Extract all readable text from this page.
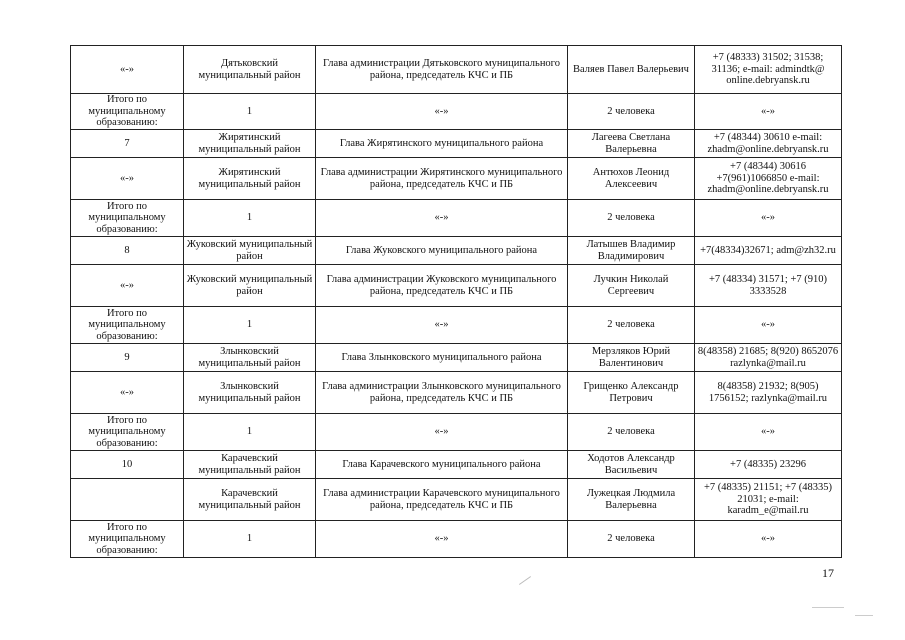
«-»	Дятьковский муниципальный район	Глава администрации Дятьковского муниципального района, председатель КЧС и ПБ	Валяев Павел Валерьевич	+7 (48333) 31502; 31538; 31136; e-mail: admindtk@ online.debryansk.ru
Итого по муниципальному образованию:	1	«-»	2 человека	«-»
7	Жирятинский муниципальный район	Глава Жирятинского муниципального района	Лагеева Светлана Валерьевна	+7 (48344) 30610 e-mail: zhadm@online.debryansk.ru
«-»	Жирятинский муниципальный район	Глава администрации Жирятинского муниципального района, председатель КЧС и ПБ	Антюхов Леонид Алексеевич	+7 (48344) 30616 +7(961)1066850 e-mail: zhadm@online.debryansk.ru
Итого по муниципальному образованию:	1	«-»	2 человека	«-»
8	Жуковский муниципальный район	Глава Жуковского муниципального района	Латышев Владимир Владимирович	+7(48334)32671; adm@zh32.ru
«-»	Жуковский муниципальный район	Глава администрации Жуковского муниципального района, председатель КЧС и ПБ	Лучкин Николай Сергеевич	+7 (48334) 31571; +7 (910) 3333528
Итого по муниципальному образованию:	1	«-»	2 человека	«-»
9	Злынковский муниципальный район	Глава Злынковского муниципального района	Мерзляков Юрий Валентинович	8(48358) 21685; 8(920) 8652076 razlynka@mail.ru
«-»	Злынковский муниципальный район	Глава администрации Злынковского муниципального района, председатель КЧС и ПБ	Грищенко Александр Петрович	8(48358) 21932; 8(905) 1756152; razlynka@mail.ru
Итого по муниципальному образованию:	1	«-»	2 человека	«-»
10	Карачевский муниципальный район	Глава Карачевского муниципального района	Ходотов Александр Васильевич	+7 (48335) 23296
	Карачевский муниципальный район	Глава администрации Карачевского муниципального района, председатель КЧС и ПБ	Лужецкая Людмила Валерьевна	+7 (48335) 21151; +7 (48335) 21031; e-mail: karadm_e@mail.ru
Итого по муниципальному образованию:	1	«-»	2 человека	«-»
17
